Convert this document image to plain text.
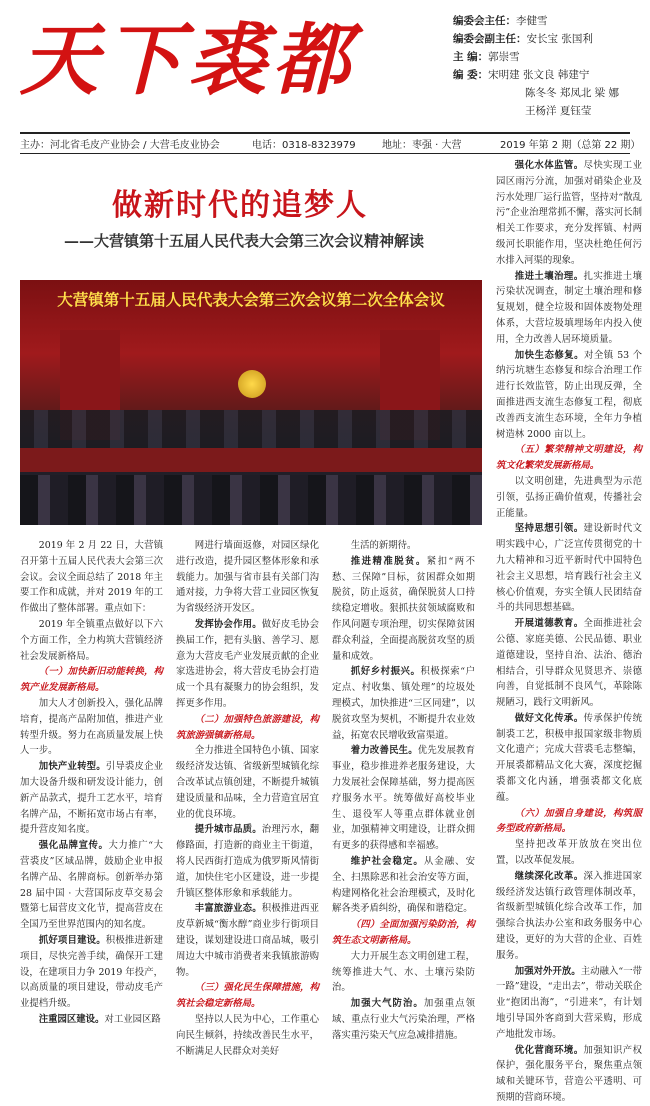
天下裘都	编委会主任：李健雪
编委会副主任：安长宝 张国利
主 编：郭崇雪
编 委：宋明建 张文良 韩建宁
陈冬冬 郑凤北 梁 娜
王杨洋 夏钰莹
主办：河北省毛皮产业协会 / 大营毛皮业协会	电话：0318-8323979	地址：枣强 · 大营	2019 年第 2 期（总第 22 期）
做新时代的追梦人
——大营镇第十五届人民代表大会第三次会议精神解读
大营镇第十五届人民代表大会第三次会议第二次全体会议

2019 年 2 月 22 日，大营镇召开第十五届人民代表大会第三次会议。会议全面总结了 2018 年主要工作和成就，并对 2019 年的工作做出了整体部署。重点如下：

2019 年全镇重点做好以下六个方面工作，全力构筑大营镇经济社会发展新格局。

（一）加快新旧动能转换，构筑产业发展新格局。

加大人才创新投入，强化品牌培育，提高产品附加值，推进产业转型升级。努力在高质量发展上快人一步。

加快产业转型。引导裘皮企业加大设备升级和研发设计能力，创新产品款式，提升工艺水平，培育名牌产品，不断拓宽市场占有率，提升营皮知名度。

强化品牌宣传。大力推广“大营裘皮”区域品牌，鼓励企业申报名牌产品、名牌商标。创新举办第 28 届中国 · 大营国际皮草交易会暨第七届营皮文化节，提高营皮在全国乃至世界范围内的知名度。

抓好项目建设。积极推进新建项目，尽快完善手续，确保开工建设，在建项目力争 2019 年投产，以高质量的项目建设，带动皮毛产业提档升级。

注重园区建设。对工业园区路

网进行墙面返修，对园区绿化进行改造，提升园区整体形象和承载能力。加强与省市县有关部门沟通对接，力争将大营工业园区恢复为省级经济开发区。

发挥协会作用。做好皮毛协会换届工作，把有头脑、善学习、愿意为大营皮毛产业发展贡献的企业家选进协会，将大营皮毛协会打造成一个具有凝聚力的协会组织，发挥更多作用。

（二）加强特色旅游建设，构筑旅游强镇新格局。

全力推进全国特色小镇、国家级经济发达镇、省级新型城镇化综合改革试点镇创建，不断提升城镇建设质量和品味，全力营造宜居宜业的优良环境。

提升城市品质。治理污水，翻修路面，打造新的商业主干街道，将人民西街打造成为俄罗斯风情街道，加快住宅小区建设，进一步提升镇区整体形象和承载能力。

丰富旅游业态。积极推进西亚皮草新城“衡水醇”商业步行街项目建设，谋划建设进口商品城，吸引周边大中城市消费者来我镇旅游购物。

（三）强化民生保障措施，构筑社会稳定新格局。

坚持以人民为中心，工作重心向民生倾斜，持续改善民生水平，不断满足人民群众对美好

生活的新期待。

推进精准脱贫。紧扣“两不愁、三保障”目标，贫困群众如期脱贫，防止返贫，确保脱贫人口持续稳定增收。狠抓扶贫领域腐败和作风问题专项治理，切实保障贫困群众利益，全面提高脱贫攻坚的质量和成效。

抓好乡村振兴。积极探索“户定点、村收集、镇处理”的垃圾处理模式，加快推进“三区同建”，以脱贫攻坚为契机，不断提升农业效益，拓宽农民增收致富渠道。

着力改善民生。优先发展教育事业，稳步推进养老服务建设，大力发展社会保障基础，努力提高医疗服务水平。统筹做好高校毕业生、退役军人等重点群体就业创业，加强精神文明建设，让群众拥有更多的获得感和幸福感。

维护社会稳定。从金融、安全、扫黑除恶和社会治安等方面，构建网格化社会治理模式，及时化解各类矛盾纠纷，确保和谐稳定。

（四）全面加强污染防治，构筑生态文明新格局。

大力开展生态文明创建工程，统筹推进大气、水、土壤污染防治。

加强大气防治。加强重点领域、重点行业大气污染治理，严格落实重污染天气应急减排措施。

强化水体监管。尽快实现工业园区雨污分流，加强对硝染企业及污水处理厂运行监管，坚持对“散乱污”企业治理常抓不懈，落实河长制相关工作要求，充分发挥镇、村两级河长职能作用，坚决杜绝任何污水排入河渠的现象。

推进土壤治理。扎实推进土壤污染状况调查，制定土壤治理和修复规划，健全垃圾和固体废物处理体系，大营垃圾填埋场年内投入使用，全力改善人居环境质量。

加快生态修复。对全镇 53 个纳污坑塘生态修复和综合治理工作进行长效监管，防止出现反弹，全面推进西支流生态修复工程，彻底改善西支流生态环境，全年力争植树造林 2000 亩以上。

（五）繁荣精神文明建设，构筑文化繁荣发展新格局。

以文明创建，先进典型为示范引领，弘扬正确价值观，传播社会正能量。

坚持思想引领。建设新时代文明实践中心，广泛宣传贯彻党的十九大精神和习近平新时代中国特色社会主义思想，培育践行社会主义核心价值观，夯实全镇人民团结奋斗的共同思想基础。

开展道德教育。全面推进社会公德、家庭美德、公民品德、职业道德建设，坚持自治、法治、德治相结合，引导群众见贤思齐、崇德向善，自觉抵制不良风气，革除陈规陋习，践行文明新风。

做好文化传承。传承保护传统制裘工艺，积极申报国家级非物质文化遗产；完成大营裘毛志整编，开展裘都精品文化大赛，深度挖掘裘都文化内涵，增强裘都文化底蕴。

（六）加强自身建设，构筑服务型政府新格局。

坚持把改革开放放在突出位置，以改革促发展。

继续深化改革。深入推进国家级经济发达镇行政管理体制改革，省级新型城镇化综合改革工作，加强综合执法办公室和政务服务中心建设，更好的为大营的企业、百姓服务。

加强对外开放。主动融入“一带一路”建设，“走出去”，带动关联企业“抱团出海”，“引进来”，有计划地引导国外客商到大营采购，形成产地批发市场。

优化营商环境。加强知识产权保护，强化服务平台，聚焦重点领域和关键环节，营造公平透明、可预期的营商环境。
